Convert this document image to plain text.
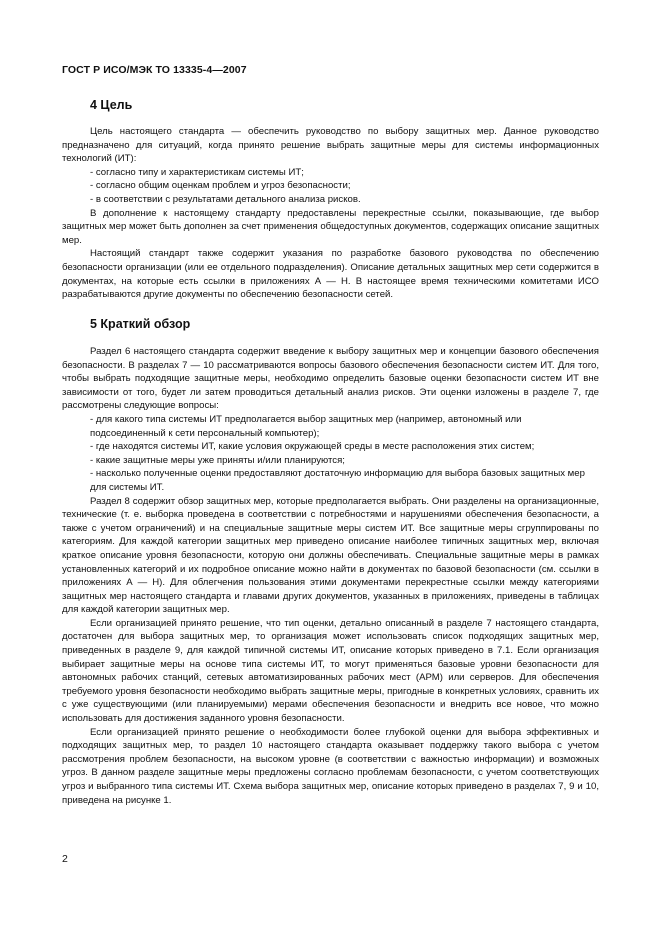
ГОСТ Р ИСО/МЭК ТО 13335-4—2007
4 Цель

Цель настоящего стандарта — обеспечить руководство по выбору защитных мер. Данное руководство предназначено для ситуаций, когда принято решение выбрать защитные меры для системы информационных технологий (ИТ):

- согласно типу и характеристикам системы ИТ;

- согласно общим оценкам проблем и угроз безопасности;

- в соответствии с результатами детального анализа рисков.

В дополнение к настоящему стандарту предоставлены перекрестные ссылки, показывающие, где выбор защитных мер может быть дополнен за счет применения общедоступных документов, содержащих описание защитных мер.

Настоящий стандарт также содержит указания по разработке базового руководства по обеспечению безопасности организации (или ее отдельного подразделения). Описание детальных защитных мер сети содержится в документах, на которые есть ссылки в приложениях А — Н. В настоящее время техническими комитетами ИСО разрабатываются другие документы по обеспечению безопасности сетей.

5 Краткий обзор

Раздел 6 настоящего стандарта содержит введение к выбору защитных мер и концепции базового обеспечения безопасности. В разделах 7 — 10 рассматриваются вопросы базового обеспечения безопасности систем ИТ. Для того, чтобы выбрать подходящие защитные меры, необходимо определить базовые оценки безопасности систем ИТ вне зависимости от того, будет ли затем проводиться детальный анализ рисков. Эти оценки изложены в разделе 7, где рассмотрены следующие вопросы:

- для какого типа системы ИТ предполагается выбор защитных мер (например, автономный или подсоединенный к сети персональный компьютер);

- где находятся системы ИТ, какие условия окружающей среды в месте расположения этих систем;

- какие защитные меры уже приняты и/или планируются;

- насколько полученные оценки предоставляют достаточную информацию для выбора базовых защитных мер для системы ИТ.

Раздел 8 содержит обзор защитных мер, которые предполагается выбрать. Они разделены на организационные, технические (т. е. выборка проведена в соответствии с потребностями и нарушениями обеспечения безопасности, а также с учетом ограничений) и на специальные защитные меры систем ИТ. Все защитные меры сгруппированы по категориям. Для каждой категории защитных мер приведено описание наиболее типичных защитных мер, включая краткое описание уровня безопасности, которую они должны обеспечивать. Специальные защитные меры в рамках установленных категорий и их подробное описание можно найти в документах по базовой безопасности (см. ссылки в приложениях А — Н). Для облегчения пользования этими документами перекрестные ссылки между категориями защитных мер настоящего стандарта и главами других документов, указанных в приложениях, приведены в таблицах для каждой категории защитных мер.

Если организацией принято решение, что тип оценки, детально описанный в разделе 7 настоящего стандарта, достаточен для выбора защитных мер, то организация может использовать список подходящих защитных мер, приведенных в разделе 9, для каждой типичной системы ИТ, описание которых приведено в 7.1. Если организация выбирает защитные меры на основе типа системы ИТ, то могут применяться базовые уровни безопасности для автономных рабочих станций, сетевых автоматизированных рабочих мест (АРМ) или серверов. Для обеспечения требуемого уровня безопасности необходимо выбрать защитные меры, пригодные в конкретных условиях, сравнить их с уже существующими (или планируемыми) мерами обеспечения безопасности и внедрить все новое, что можно использовать для достижения заданного уровня безопасности.

Если организацией принято решение о необходимости более глубокой оценки для выбора эффективных и подходящих защитных мер, то раздел 10 настоящего стандарта оказывает поддержку такого выбора с учетом рассмотрения проблем безопасности, на высоком уровне (в соответствии с важностью информации) и возможных угроз. В данном разделе защитные меры предложены согласно проблемам безопасности, с учетом соответствующих угроз и выбранного типа системы ИТ. Схема выбора защитных мер, описание которых приведено в разделах 7, 9 и 10, приведена на рисунке 1.

2
